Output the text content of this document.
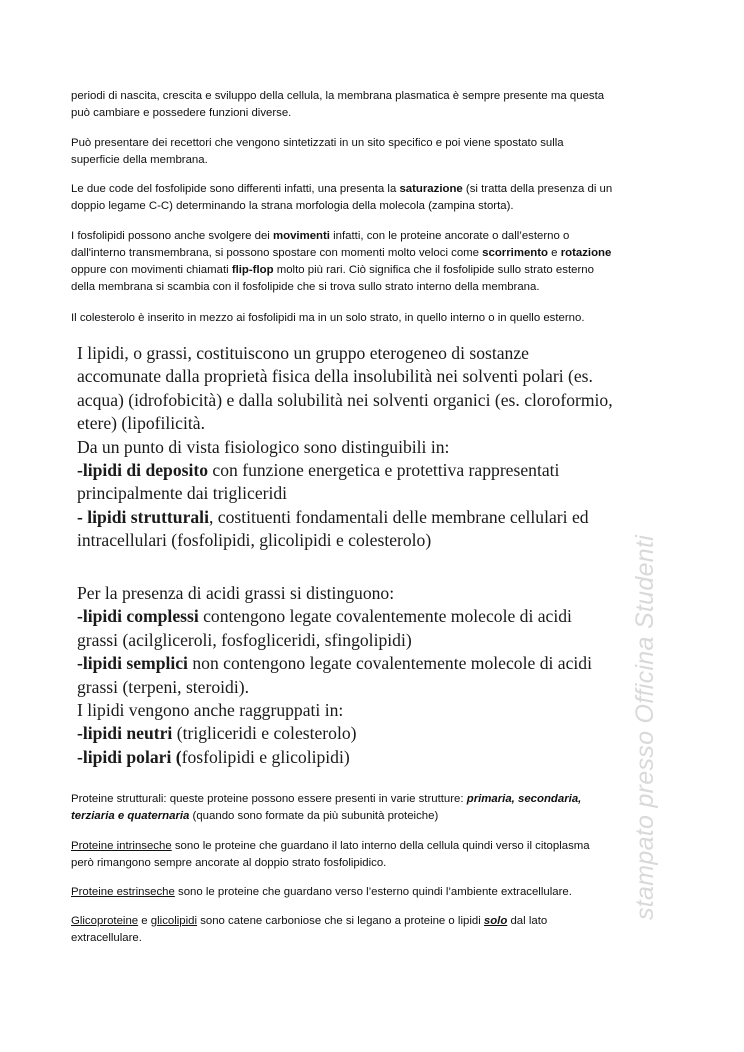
periodi di nascita, crescita e sviluppo della cellula, la membrana plasmatica è sempre presente ma questa
può cambiare e possedere funzioni diverse.

Può presentare dei recettori che vengono sintetizzati in un sito specifico e poi viene spostato sulla
superficie della membrana.

Le due code del fosfolipide sono differenti infatti, una presenta la saturazione (si tratta della presenza di un
doppio legame C-C) determinando la strana morfologia della molecola (zampina storta).

I fosfolipidi possono anche svolgere dei movimenti infatti, con le proteine ancorate o dall’esterno o
dall'interno transmembrana, si possono spostare con momenti molto veloci come scorrimento e rotazione
oppure con movimenti chiamati flip-flop molto più rari. Ciò significa che il fosfolipide sullo strato esterno
della membrana si scambia con il fosfolipide che si trova sullo strato interno della membrana.

Il colesterolo è inserito in mezzo ai fosfolipidi ma in un solo strato, in quello interno o in quello esterno.

I lipidi, o grassi, costituiscono un gruppo eterogeneo di sostanze
accomunate dalla proprietà fisica della insolubilità nei solventi polari (es.
acqua) (idrofobicità) e dalla solubilità nei solventi organici (es. cloroformio,
etere) (lipofilicità.
Da un punto di vista fisiologico sono distinguibili in:
-lipidi di deposito con funzione energetica e protettiva rappresentati
principalmente dai trigliceridi
- lipidi strutturali, costituenti fondamentali delle membrane cellulari ed
intracellulari (fosfolipidi, glicolipidi e colesterolo)
Per la presenza di acidi grassi si distinguono:
-lipidi complessi contengono legate covalentemente molecole di acidi
grassi (acilgliceroli, fosfogliceridi, sfingolipidi)
-lipidi semplici non contengono legate covalentemente molecole di acidi
grassi (terpeni, steroidi).
I lipidi vengono anche raggruppati in:
-lipidi neutri (trigliceridi e colesterolo)
-lipidi polari (fosfolipidi e glicolipidi)

Proteine strutturali: queste proteine possono essere presenti in varie strutture: primaria, secondaria,
terziaria e quaternaria (quando sono formate da più subunità proteiche)

Proteine intrinseche sono le proteine che guardano il lato interno della cellula quindi verso il citoplasma
però rimangono sempre ancorate al doppio strato fosfolipidico.

Proteine estrinseche sono le proteine che guardano verso l’esterno quindi l’ambiente extracellulare.

Glicoproteine e glicolipidi sono catene carboniose che si legano a proteine o lipidi solo dal lato
extracellulare.

stampato presso Officina Studenti
